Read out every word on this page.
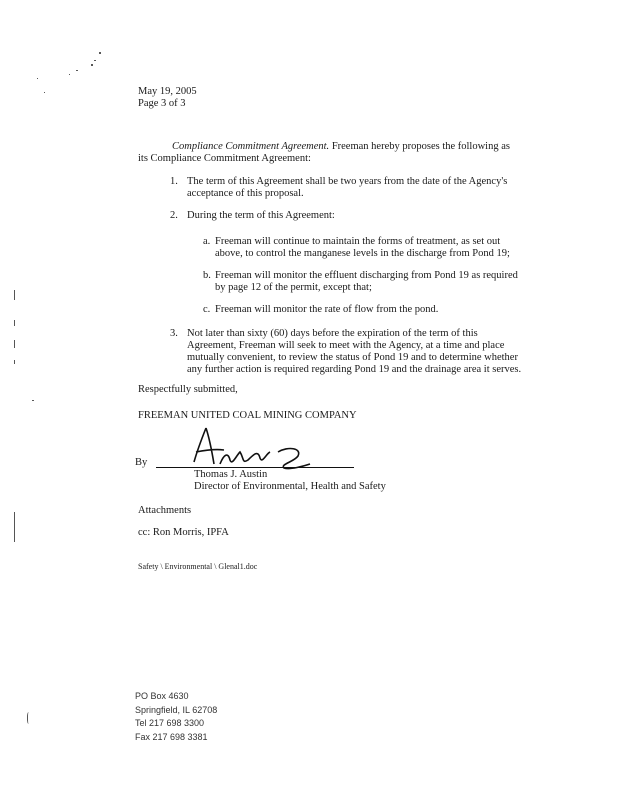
May 19, 2005
Page 3 of 3
Compliance Commitment Agreement. Freeman hereby proposes the following as
its Compliance Commitment Agreement:
1. The term of this Agreement shall be two years from the date of the Agency's
acceptance of this proposal.
2. During the term of this Agreement:
a. Freeman will continue to maintain the forms of treatment, as set out
above, to control the manganese levels in the discharge from Pond 19;
b. Freeman will monitor the effluent discharging from Pond 19 as required
by page 12 of the permit, except that;
c. Freeman will monitor the rate of flow from the pond.
3. Not later than sixty (60) days before the expiration of the term of this
Agreement, Freeman will seek to meet with the Agency, at a time and place
mutually convenient, to review the status of Pond 19 and to determine whether
any further action is required regarding Pond 19 and the drainage area it serves.
Respectfully submitted,
FREEMAN UNITED COAL MINING COMPANY
By
Thomas J. Austin
Director of Environmental, Health and Safety
Attachments
cc: Ron Morris, IPFA
Safety \ Environmental \ Glenal1.doc
PO Box 4630
Springfield, IL 62708
Tel 217 698 3300
Fax 217 698 3381
